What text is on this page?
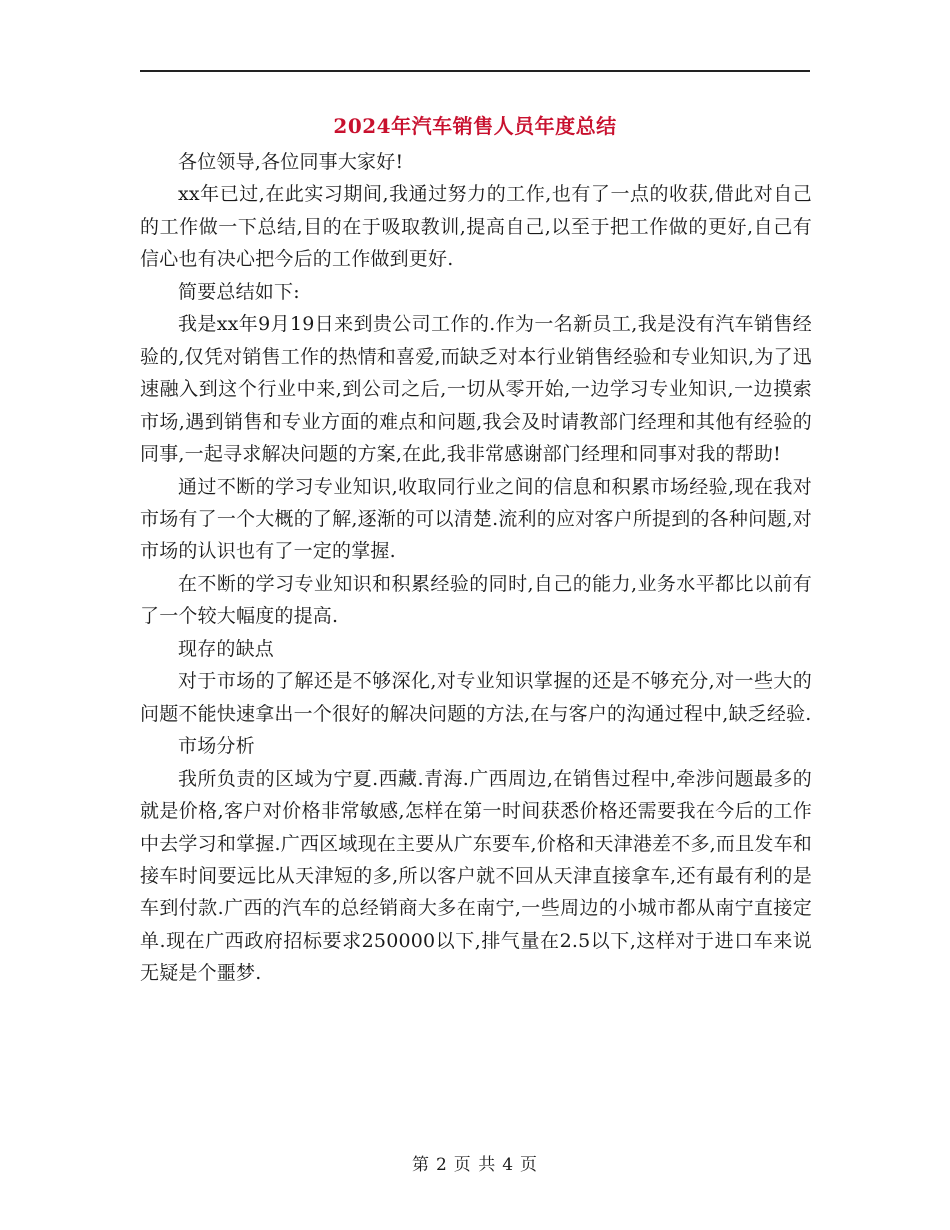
2024年汽车销售人员年度总结

各位领导,各位同事大家好!

xx年已过,在此实习期间,我通过努力的工作,也有了一点的收获,借此对自己的工作做一下总结,目的在于吸取教训,提高自己,以至于把工作做的更好,自己有信心也有决心把今后的工作做到更好.

简要总结如下:

我是xx年9月19日来到贵公司工作的.作为一名新员工,我是没有汽车销售经验的,仅凭对销售工作的热情和喜爱,而缺乏对本行业销售经验和专业知识,为了迅速融入到这个行业中来,到公司之后,一切从零开始,一边学习专业知识,一边摸索市场,遇到销售和专业方面的难点和问题,我会及时请教部门经理和其他有经验的同事,一起寻求解决问题的方案,在此,我非常感谢部门经理和同事对我的帮助!

通过不断的学习专业知识,收取同行业之间的信息和积累市场经验,现在我对市场有了一个大概的了解,逐渐的可以清楚.流利的应对客户所提到的各种问题,对市场的认识也有了一定的掌握.

在不断的学习专业知识和积累经验的同时,自己的能力,业务水平都比以前有了一个较大幅度的提高.

现存的缺点

对于市场的了解还是不够深化,对专业知识掌握的还是不够充分,对一些大的问题不能快速拿出一个很好的解决问题的方法,在与客户的沟通过程中,缺乏经验.

市场分析

我所负责的区域为宁夏.西藏.青海.广西周边,在销售过程中,牵涉问题最多的就是价格,客户对价格非常敏感,怎样在第一时间获悉价格还需要我在今后的工作中去学习和掌握.广西区域现在主要从广东要车,价格和天津港差不多,而且发车和接车时间要远比从天津短的多,所以客户就不回从天津直接拿车,还有最有利的是车到付款.广西的汽车的总经销商大多在南宁,一些周边的小城市都从南宁直接定单.现在广西政府招标要求250000以下,排气量在2.5以下,这样对于进口车来说无疑是个噩梦.

第 2 页 共 4 页
